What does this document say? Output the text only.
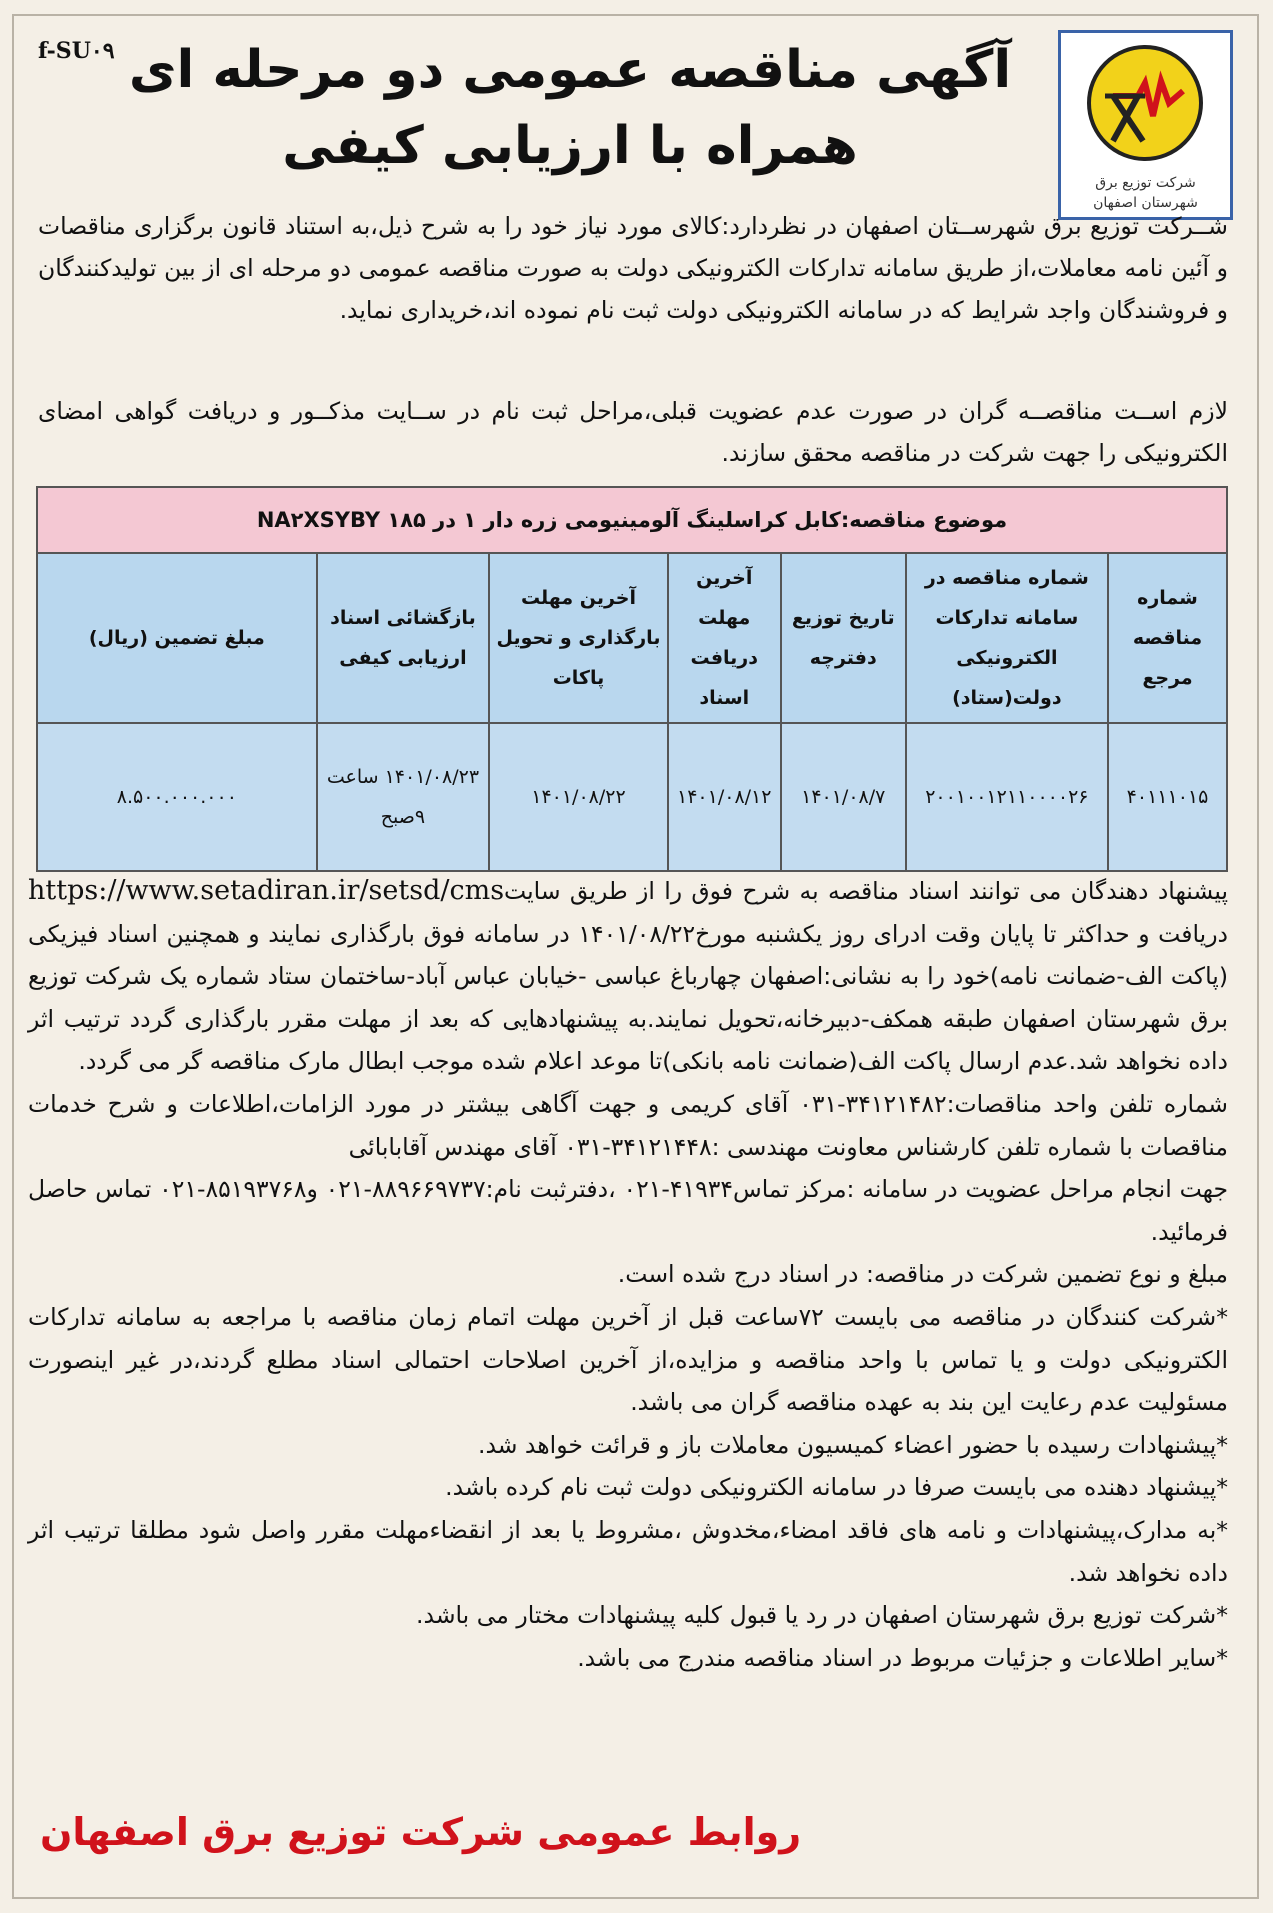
f-SU۰۹
شرکت توزیع برق
شهرستان اصفهان
آگهی مناقصه عمومی دو مرحله ای
همراه با ارزیابی کیفی
شــرکت توزیع برق شهرســتان اصفهان در نظردارد:کالای مورد نیاز خود را به شرح ذیل،به استناد قانون برگزاری مناقصات و آئین نامه معاملات،از طریق سامانه تدارکات الکترونیکی دولت به صورت مناقصه عمومی دو مرحله ای از بین تولیدکنندگان و فروشندگان واجد شرایط که در سامانه الکترونیکی دولت ثبت نام نموده اند،خریداری نماید.
لازم اســت مناقصــه گران در صورت عدم عضویت قبلی،مراحل ثبت نام در ســایت مذکــور و دریافت گواهی امضای الکترونیکی را جهت شرکت در مناقصه محقق سازند.
موضوع مناقصه:کابل کراسلینگ آلومینیومی زره دار ۱ در ۱۸۵ NA۲XSYBY						
شماره مناقصه مرجع	شماره مناقصه در سامانه تدارکات الکترونیکی دولت(ستاد)	تاریخ توزیع دفترچه	آخرین مهلت دریافت اسناد	آخرین مهلت بارگذاری و تحویل پاکات	بازگشائی اسناد ارزیابی کیفی	مبلغ تضمین (ریال)
۴۰۱۱۱۰۱۵	۲۰۰۱۰۰۱۲۱۱۰۰۰۰۲۶	۱۴۰۱/۰۸/۷	۱۴۰۱/۰۸/۱۲	۱۴۰۱/۰۸/۲۲	۱۴۰۱/۰۸/۲۳ ساعت ۹صبح	۸.۵۰۰.۰۰۰.۰۰۰

پیشنهاد دهندگان می توانند اسناد مناقصه به شرح فوق را از طریق سایتhttps://www.setadiran.ir/setsd/cms دریافت و حداکثر تا پایان وقت ادرای روز یکشنبه مورخ۱۴۰۱/۰۸/۲۲ در سامانه فوق بارگذاری نمایند و همچنین اسناد فیزیکی (پاکت الف-ضمانت نامه)خود را به نشانی:اصفهان چهارباغ عباسی -خیابان عباس آباد-ساختمان ستاد شماره یک شرکت توزیع برق شهرستان اصفهان طبقه همکف-دبیرخانه،تحویل نمایند.به پیشنهادهایی که بعد از مهلت مقرر بارگذاری گردد ترتیب اثر داده نخواهد شد.عدم ارسال پاکت الف(ضمانت نامه بانکی)تا موعد اعلام شده موجب ابطال مارک مناقصه گر می گردد.

شماره تلفن واحد مناقصات:۳۴۱۲۱۴۸۲-۰۳۱ آقای کریمی و جهت آگاهی بیشتر در مورد الزامات،اطلاعات و شرح خدمات مناقصات با شماره تلفن کارشناس معاونت مهندسی :۳۴۱۲۱۴۴۸-۰۳۱ آقای مهندس آقابابائی

جهت انجام مراحل عضویت در سامانه :مرکز تماس۴۱۹۳۴-۰۲۱ ،دفترثبت نام:۸۸۹۶۶۹۷۳۷-۰۲۱ و۸۵۱۹۳۷۶۸-۰۲۱ تماس حاصل فرمائید.

مبلغ و نوع تضمین شرکت در مناقصه: در اسناد درج شده است.

*شرکت کنندگان در مناقصه می بایست ۷۲ساعت قبل از آخرین مهلت اتمام زمان مناقصه با مراجعه به سامانه تدارکات الکترونیکی دولت و یا تماس با واحد مناقصه و مزایده،از آخرین اصلاحات احتمالی اسناد مطلع گردند،در غیر اینصورت مسئولیت عدم رعایت این بند به عهده مناقصه گران می باشد.

*پیشنهادات رسیده با حضور اعضاء کمیسیون معاملات باز و قرائت خواهد شد.

*پیشنهاد دهنده می بایست صرفا در سامانه الکترونیکی دولت ثبت نام کرده باشد.

*به مدارک،پیشنهادات و نامه های فاقد امضاء،مخدوش ،مشروط یا بعد از انقضاءمهلت مقرر واصل شود مطلقا ترتیب اثر داده نخواهد شد.

*شرکت توزیع برق شهرستان اصفهان در رد یا قبول کلیه پیشنهادات مختار می باشد.

*سایر اطلاعات و جزئیات مربوط در اسناد مناقصه مندرج می باشد.

روابط عمومی شرکت توزیع برق اصفهان
